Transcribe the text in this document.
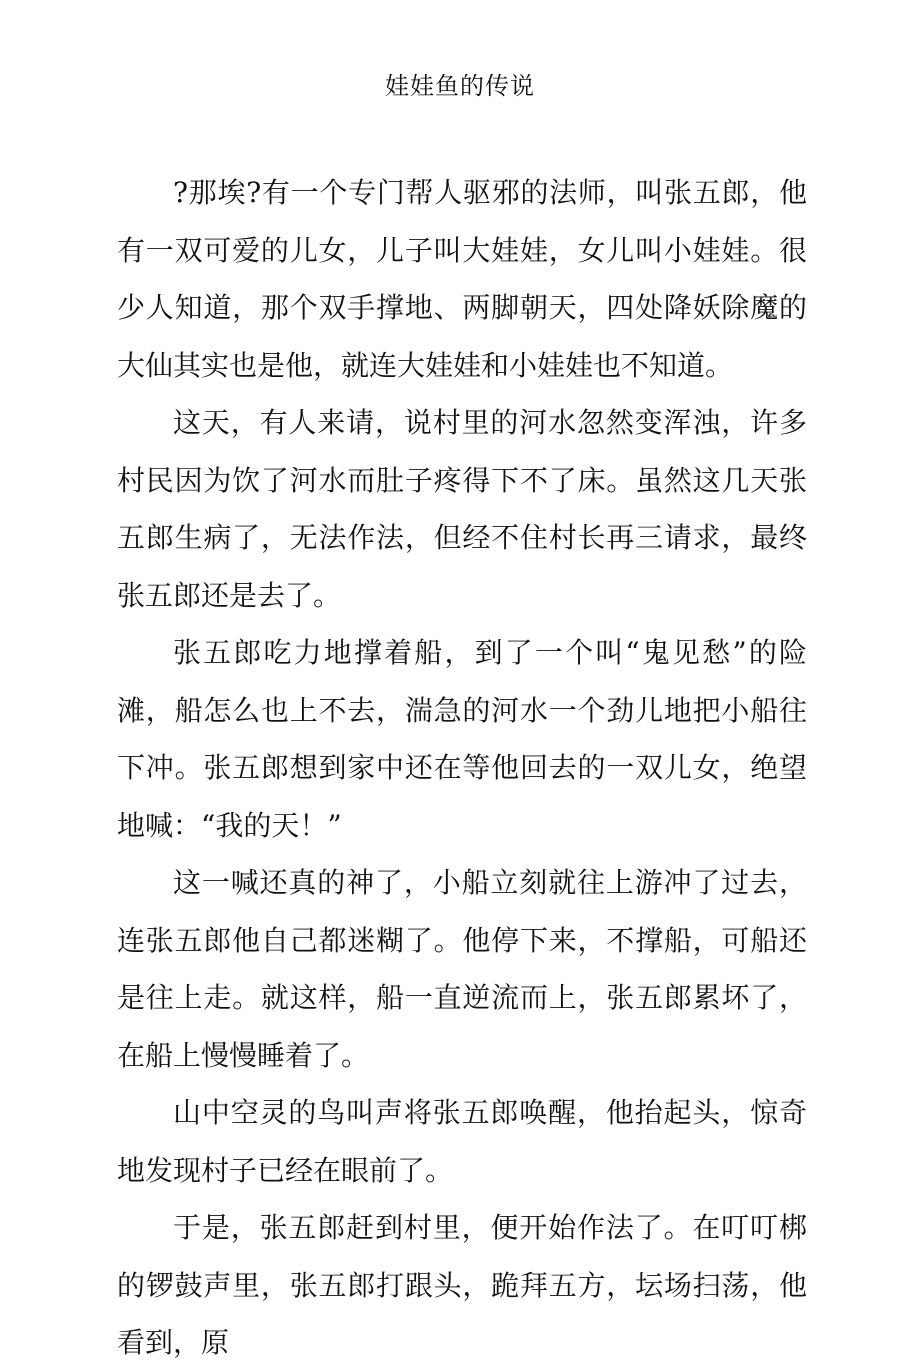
娃娃鱼的传说

?那埃?有一个专门帮人驱邪的法师，叫张五郎，他有一双可爱的儿女，儿子叫大娃娃，女儿叫小娃娃。很少人知道，那个双手撑地、两脚朝天，四处降妖除魔的大仙其实也是他，就连大娃娃和小娃娃也不知道。

这天，有人来请，说村里的河水忽然变浑浊，许多村民因为饮了河水而肚子疼得下不了床。虽然这几天张五郎生病了，无法作法，但经不住村长再三请求，最终张五郎还是去了。

张五郎吃力地撑着船，到了一个叫“鬼见愁”的险滩，船怎么也上不去，湍急的河水一个劲儿地把小船往下冲。张五郎想到家中还在等他回去的一双儿女，绝望地喊：“我的天！”

这一喊还真的神了，小船立刻就往上游冲了过去，连张五郎他自己都迷糊了。他停下来，不撑船，可船还是往上走。就这样，船一直逆流而上，张五郎累坏了，在船上慢慢睡着了。

山中空灵的鸟叫声将张五郎唤醒，他抬起头，惊奇地发现村子已经在眼前了。

于是，张五郎赶到村里，便开始作法了。在叮叮梆的锣鼓声里，张五郎打跟头，跪拜五方，坛场扫荡，他看到，原
